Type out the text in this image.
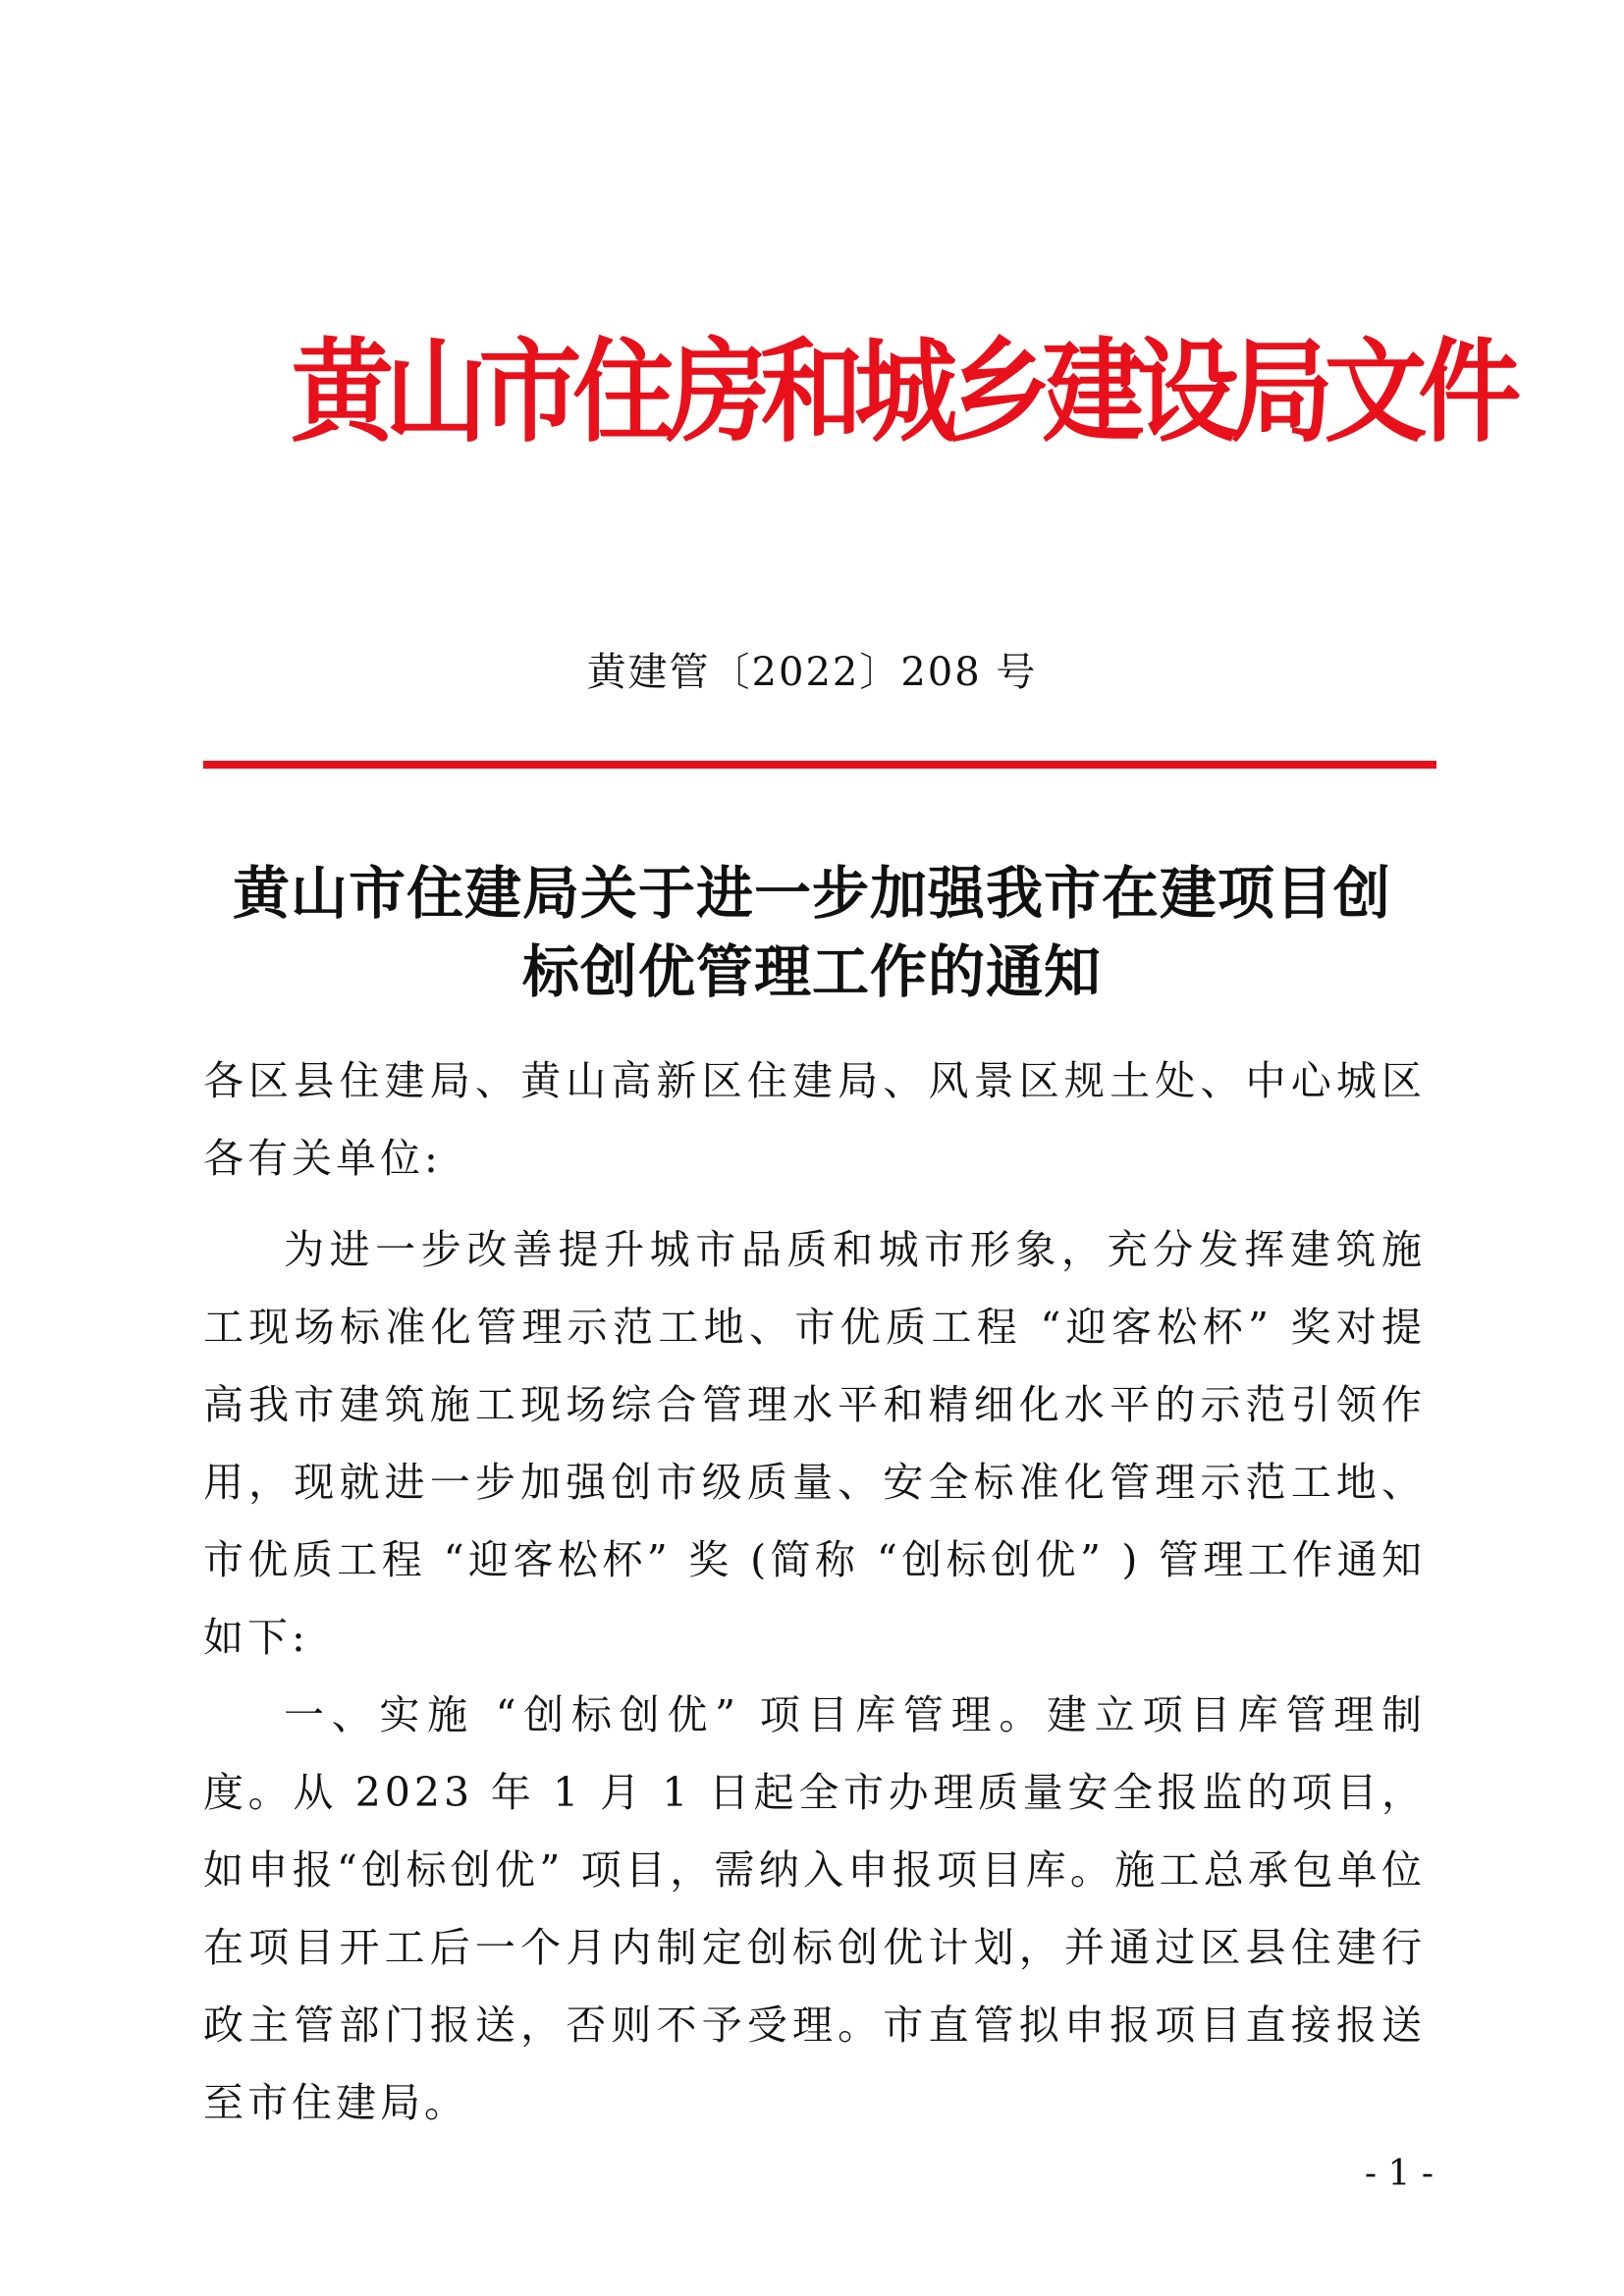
黄山市住房和城乡建设局文件
黄建管〔2022〕208 号
黄山市住建局关于进一步加强我市在建项目创
标创优管理工作的通知

各区县住建局、黄山高新区住建局、风景区规土处、中心城区各有关单位:

为进一步改善提升城市品质和城市形象，充分发挥建筑施工现场标准化管理示范工地、市优质工程 “迎客松杯” 奖对提高我市建筑施工现场综合管理水平和精细化水平的示范引领作用，现就进一步加强创市级质量、安全标准化管理示范工地、市优质工程 “迎客松杯” 奖 (简称 “创标创优” ) 管理工作通知如下:

一、实施 “创标创优” 项目库管理。建立项目库管理制度。从 2023 年 1 月 1 日起全市办理质量安全报监的项目，如申报“创标创优” 项目，需纳入申报项目库。施工总承包单位在项目开工后一个月内制定创标创优计划，并通过区县住建行政主管部门报送，否则不予受理。市直管拟申报项目直接报送至市住建局。

- 1 -
